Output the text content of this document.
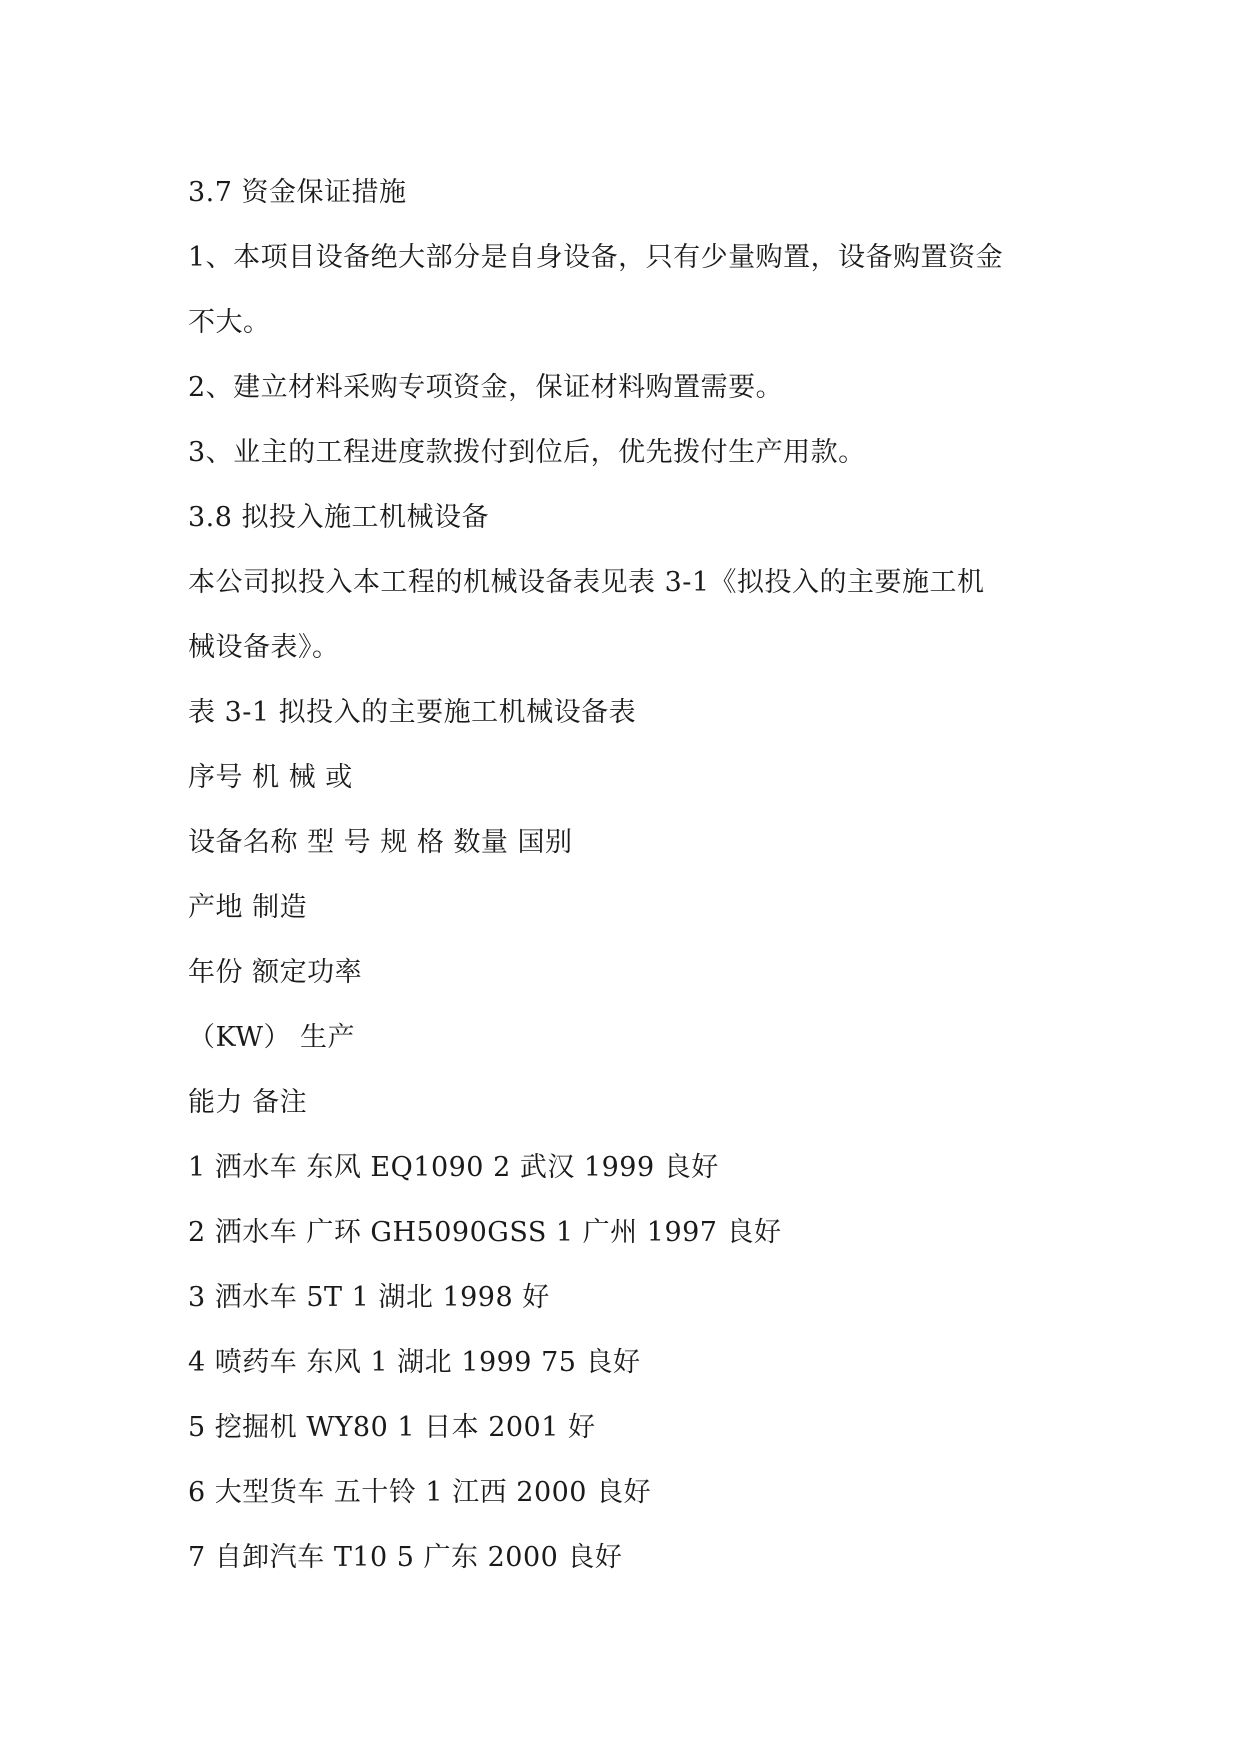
3.7 资金保证措施
1、本项目设备绝大部分是自身设备，只有少量购置，设备购置资金
不大。
2、建立材料采购专项资金，保证材料购置需要。
3、业主的工程进度款拨付到位后，优先拨付生产用款。
3.8 拟投入施工机械设备
本公司拟投入本工程的机械设备表见表 3-1《拟投入的主要施工机
械设备表》。
表 3-1 拟投入的主要施工机械设备表
序号 机 械 或
设备名称 型 号 规 格 数量 国别
产地 制造
年份 额定功率
（KW） 生产
能力 备注
1 洒水车 东风 EQ1090 2 武汉 1999 良好
2 洒水车 广环 GH5090GSS 1 广州 1997 良好
3 洒水车 5T 1 湖北 1998 好
4 喷药车 东风 1 湖北 1999 75 良好
5 挖掘机 WY80 1 日本 2001 好
6 大型货车 五十铃 1 江西 2000 良好
7 自卸汽车 T10 5 广东 2000 良好
